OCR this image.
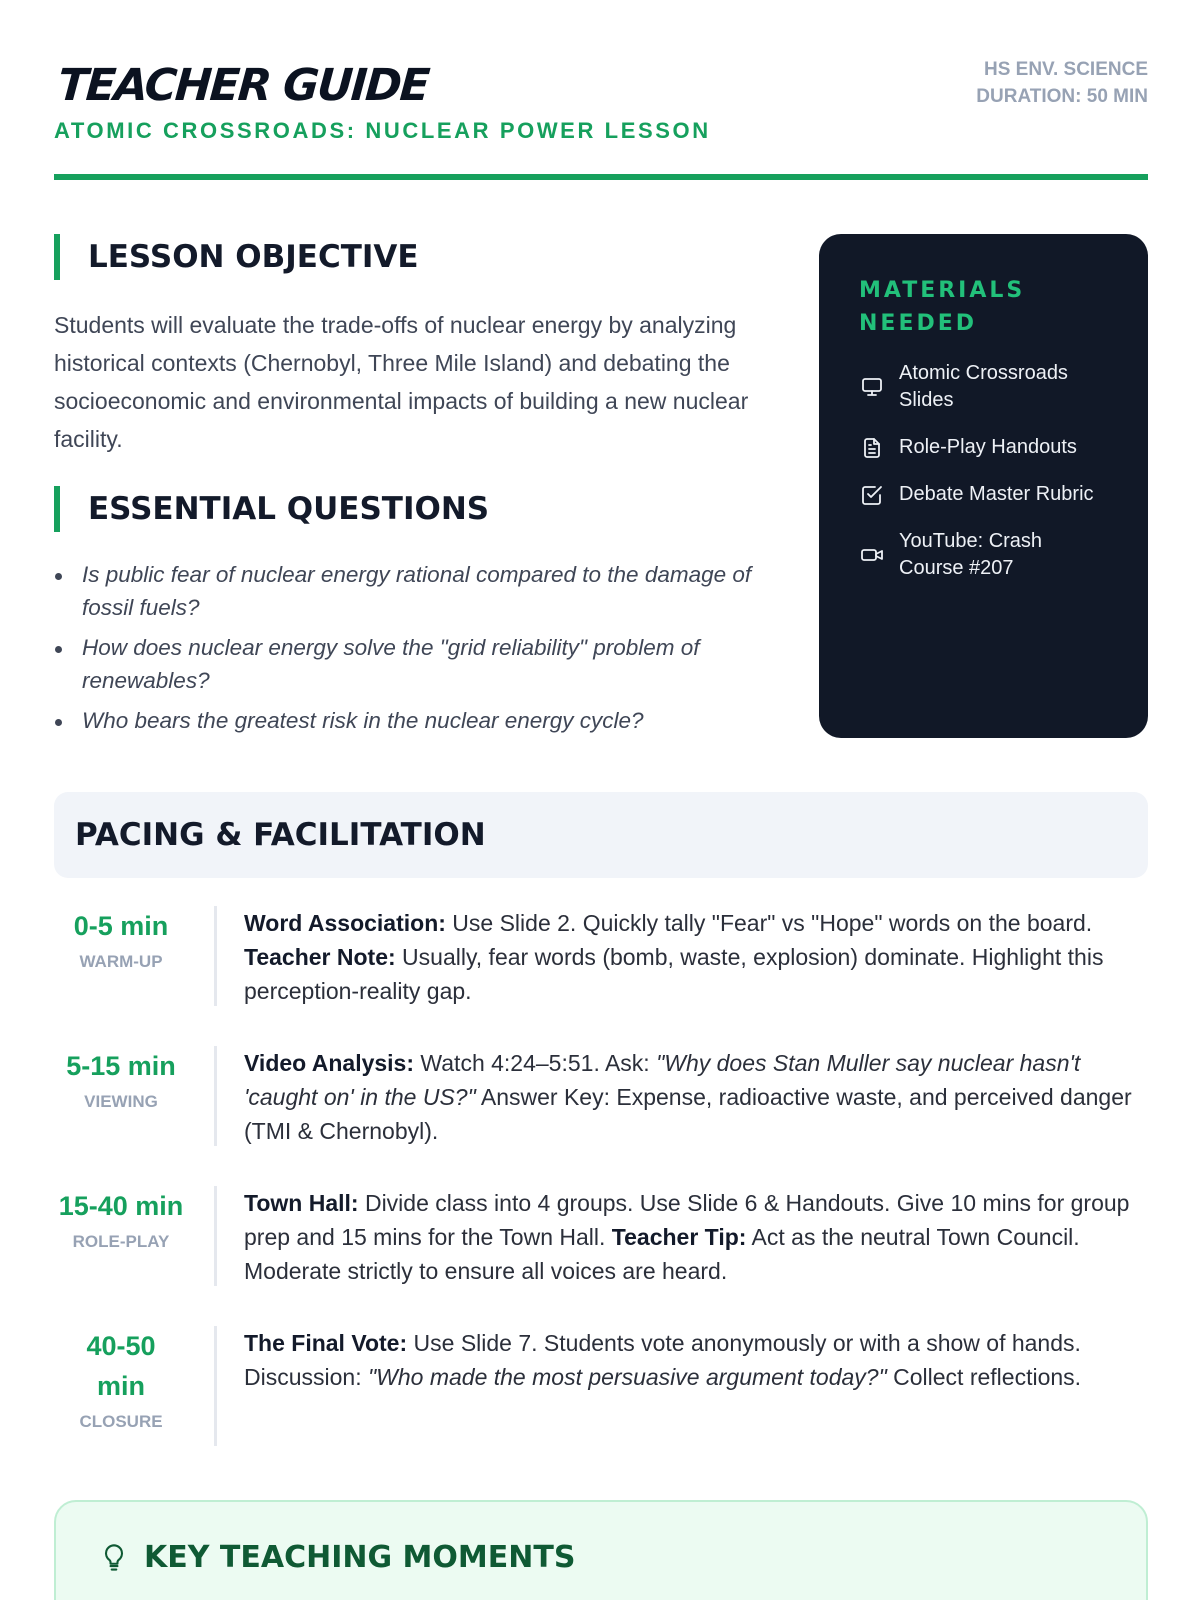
TEACHER GUIDE
ATOMIC CROSSROADS: NUCLEAR POWER LESSON
HS ENV. SCIENCE
DURATION: 50 MIN
LESSON OBJECTIVE

Students will evaluate the trade-offs of nuclear energy by analyzing historical contexts (Chernobyl, Three Mile Island) and debating the socioeconomic and environmental impacts of building a new nuclear facility.

ESSENTIAL QUESTIONS
Is public fear of nuclear energy rational compared to the damage of fossil fuels?
How does nuclear energy solve the "grid reliability" problem of renewables?
Who bears the greatest risk in the nuclear energy cycle?
MATERIALS NEEDED
Atomic Crossroads Slides
Role-Play Handouts
Debate Master Rubric
YouTube: Crash Course #207
PACING & FACILITATION
0-5 min
WARM-UP
Word Association: Use Slide 2. Quickly tally "Fear" vs "Hope" words on the board. Teacher Note: Usually, fear words (bomb, waste, explosion) dominate. Highlight this perception-reality gap.
5-15 min
VIEWING
Video Analysis: Watch 4:24–5:51. Ask: "Why does Stan Muller say nuclear hasn't 'caught on' in the US?" Answer Key: Expense, radioactive waste, and perceived danger (TMI & Chernobyl).
15-40 min
ROLE-PLAY
Town Hall: Divide class into 4 groups. Use Slide 6 & Handouts. Give 10 mins for group prep and 15 mins for the Town Hall. Teacher Tip: Act as the neutral Town Council. Moderate strictly to ensure all voices are heard.
40-50 min
CLOSURE
The Final Vote: Use Slide 7. Students vote anonymously or with a show of hands. Discussion: "Who made the most persuasive argument today?" Collect reflections.
KEY TEACHING MOMENTS
